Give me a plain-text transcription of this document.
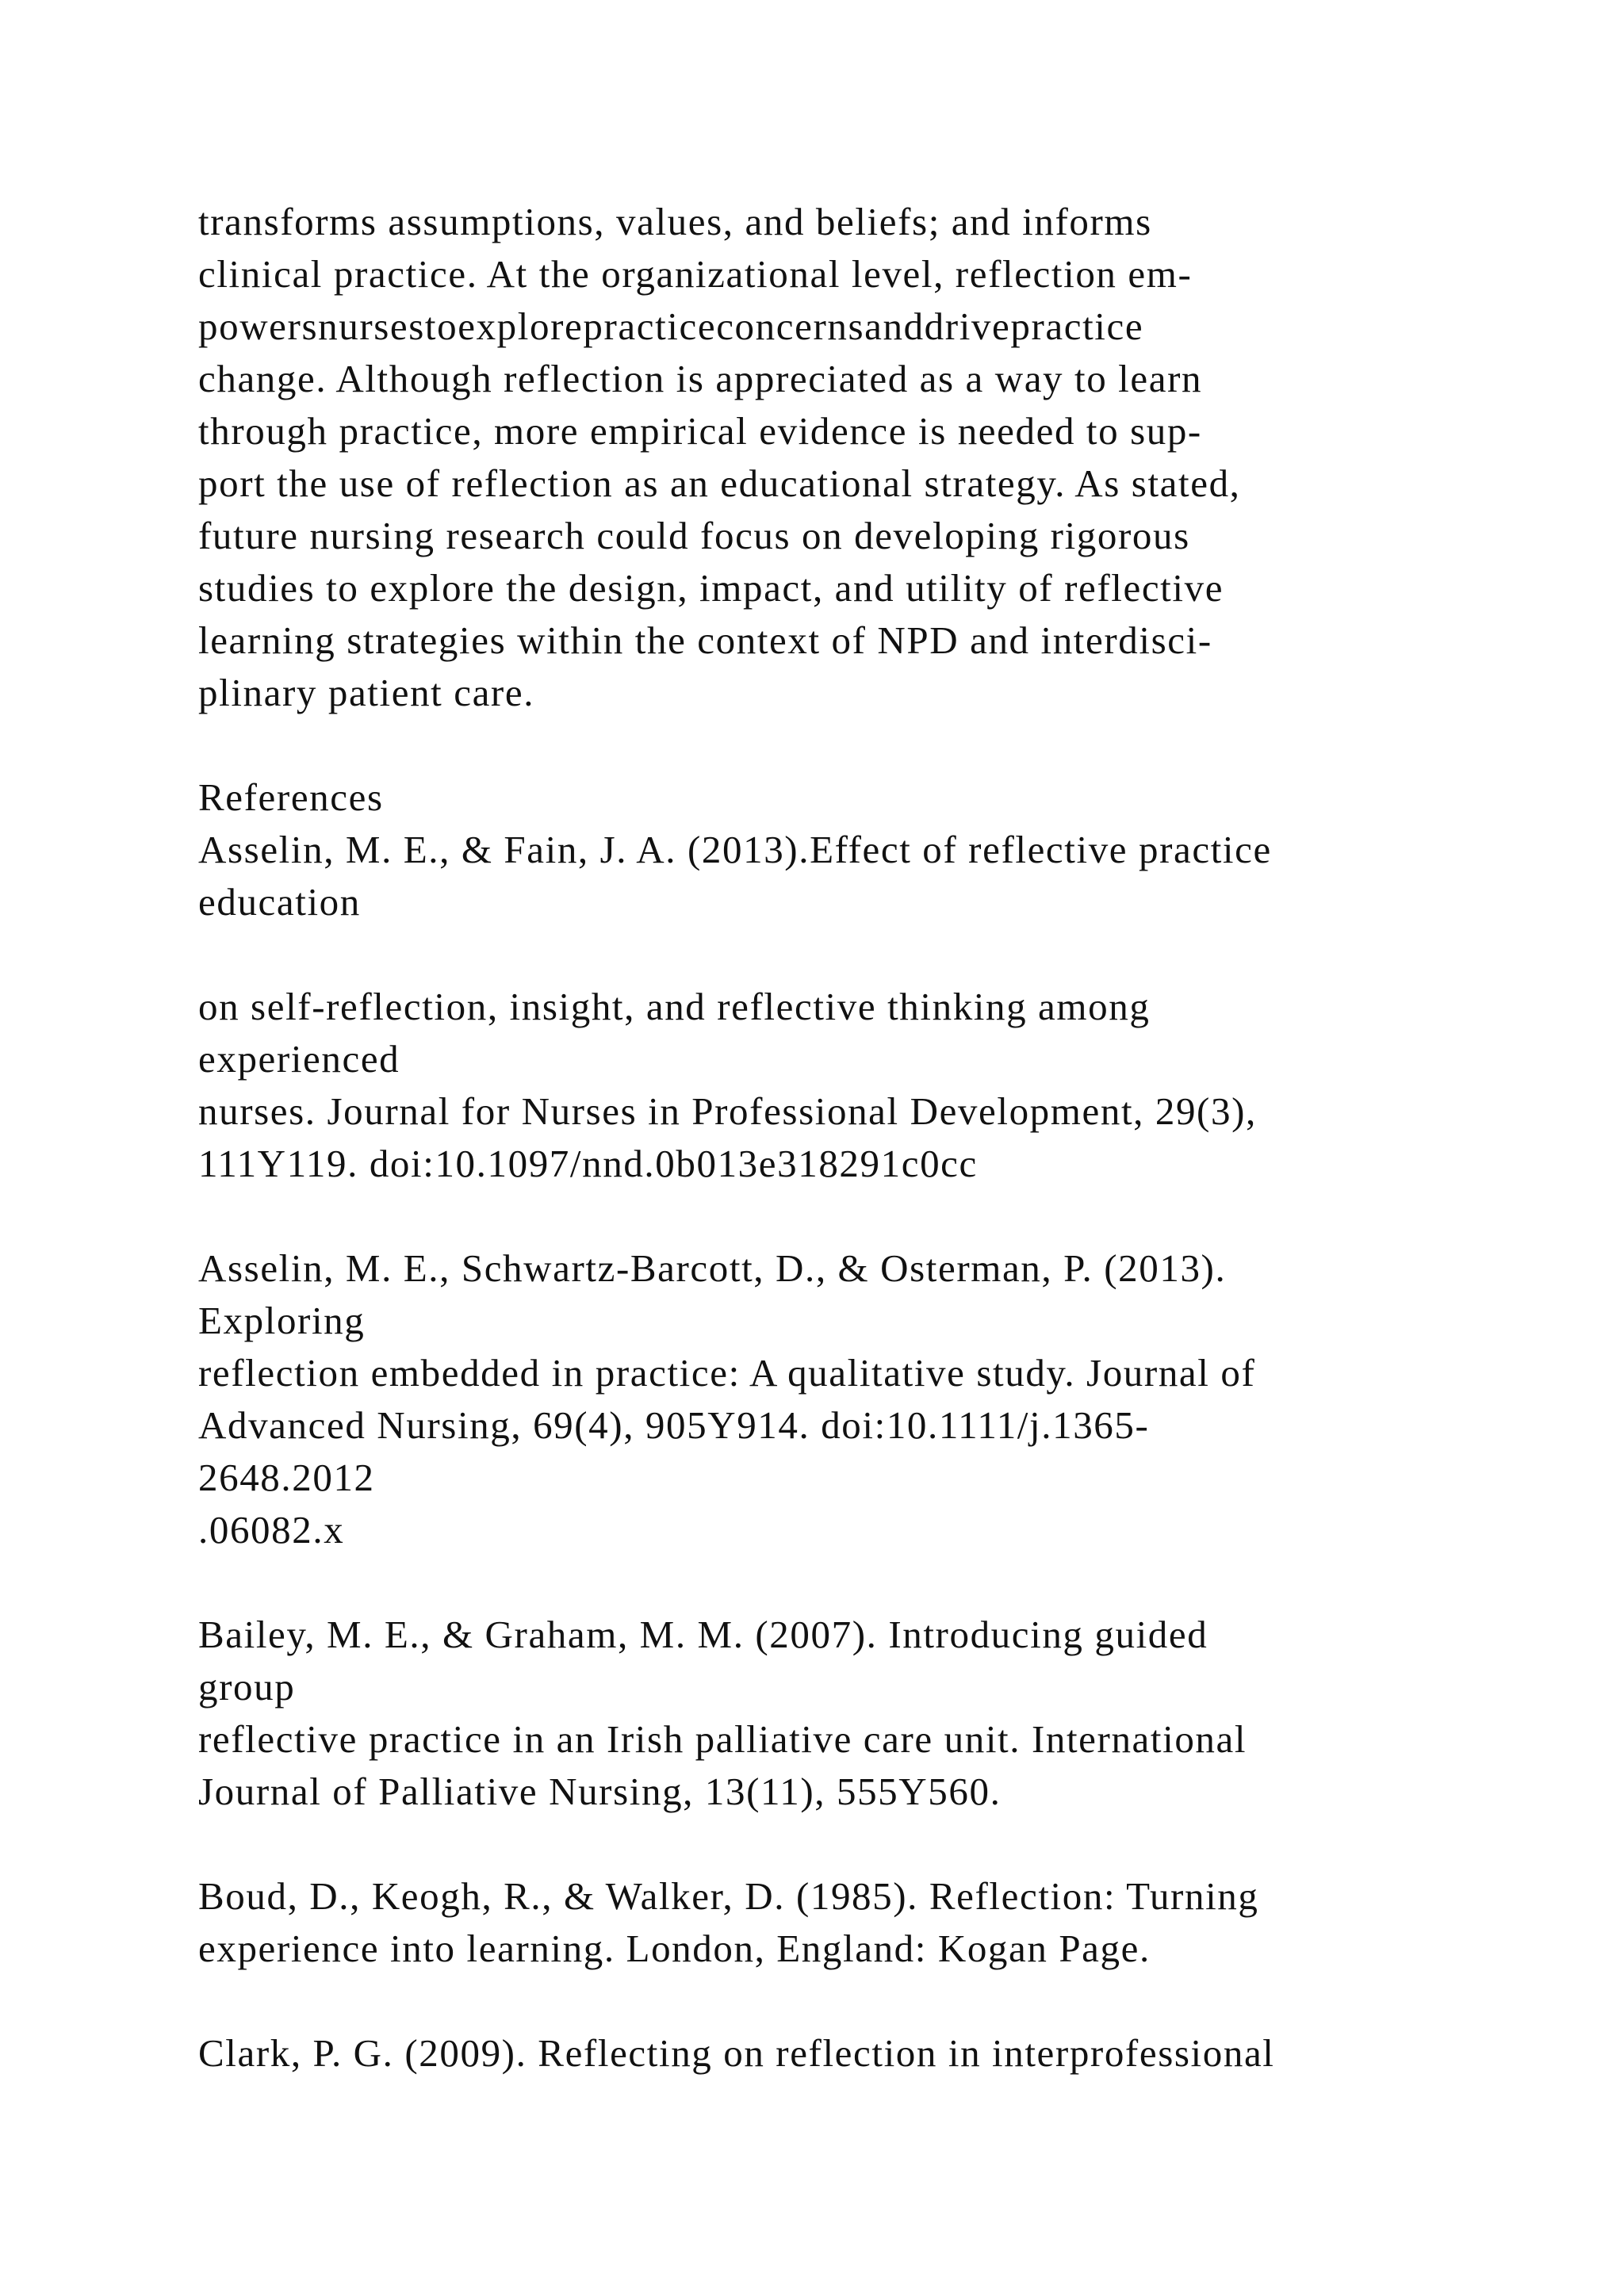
transforms assumptions, values, and beliefs; and informs
clinical practice. At the organizational level, reflection em-
powersnursestoexplorepracticeconcernsanddrivepractice
change. Although reflection is appreciated as a way to learn
through practice, more empirical evidence is needed to sup-
port the use of reflection as an educational strategy. As stated,
future nursing research could focus on developing rigorous
studies to explore the design, impact, and utility of reflective
learning strategies within the context of NPD and interdisci-
plinary patient care.
References
Asselin, M. E., & Fain, J. A. (2013).Effect of reflective practice
education
on self-reflection, insight, and reflective thinking among
experienced
nurses. Journal for Nurses in Professional Development, 29(3),
111Y119. doi:10.1097/nnd.0b013e318291c0cc
Asselin, M. E., Schwartz-Barcott, D., & Osterman, P. (2013).
Exploring
reflection embedded in practice: A qualitative study. Journal of
Advanced Nursing, 69(4), 905Y914. doi:10.1111/j.1365-
2648.2012
.06082.x
Bailey, M. E., & Graham, M. M. (2007). Introducing guided
group
reflective practice in an Irish palliative care unit. International
Journal of Palliative Nursing, 13(11), 555Y560.
Boud, D., Keogh, R., & Walker, D. (1985). Reflection: Turning
experience into learning. London, England: Kogan Page.
Clark, P. G. (2009). Reflecting on reflection in interprofessional
